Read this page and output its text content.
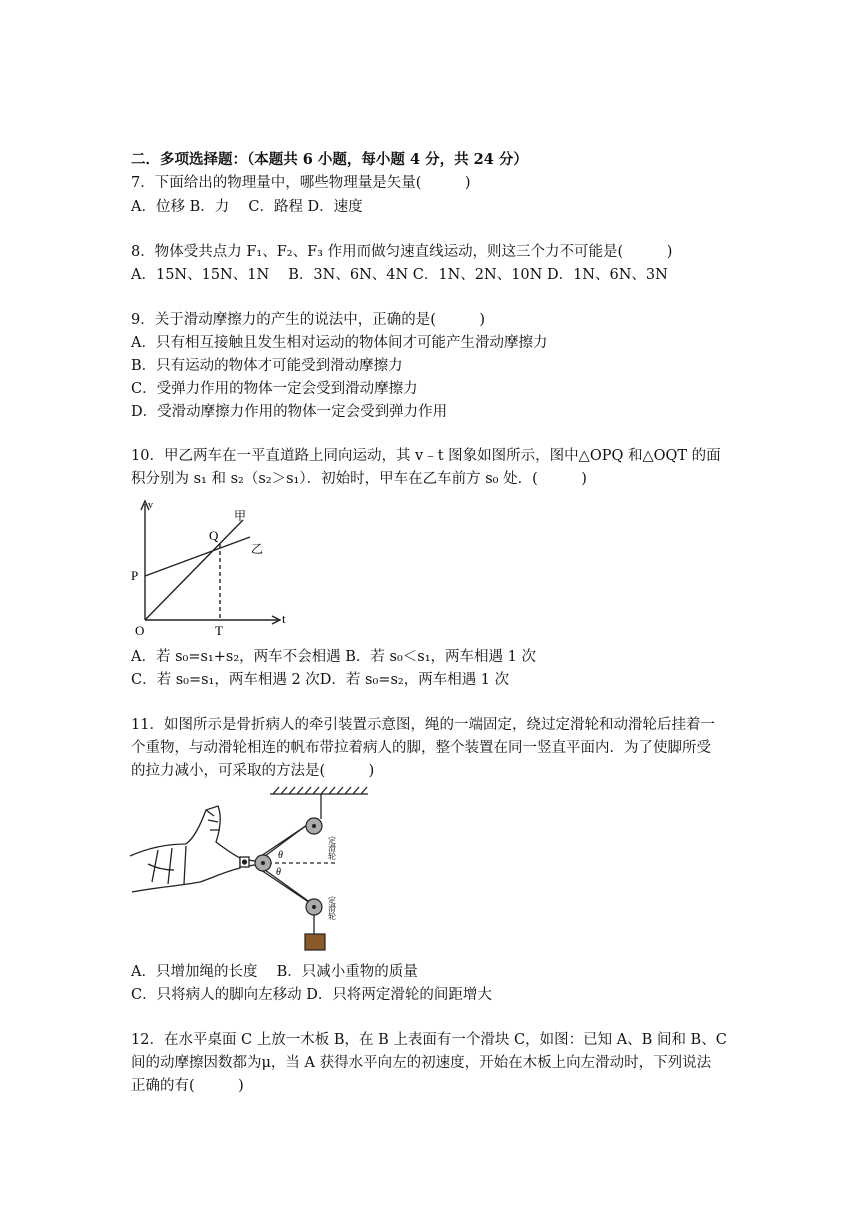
二．多项选择题：（本题共 6 小题，每小题 4 分，共 24 分）
7．下面给出的物理量中，哪些物理量是矢量(　　　)
A．位移 B．力　 C．路程 D．速度
8．物体受共点力 F₁、F₂、F₃ 作用而做匀速直线运动，则这三个力不可能是(　　　)
A．15N、15N、1N　 B．3N、6N、4N C．1N、2N、10N D．1N、6N、3N
9．关于滑动摩擦力的产生的说法中，正确的是(　　　)
A．只有相互接触且发生相对运动的物体间才可能产生滑动摩擦力
B．只有运动的物体才可能受到滑动摩擦力
C．受弹力作用的物体一定会受到滑动摩擦力
D．受滑动摩擦力作用的物体一定会受到弹力作用
10．甲乙两车在一平直道路上同向运动，其 v﹣t 图象如图所示，图中△OPQ 和△OQT 的面
积分别为 s₁ 和 s₂（s₂＞s₁）．初始时，甲车在乙车前方 s₀ 处．(　　　)
v
t
O
P
Q
T
甲
乙
A．若 s₀=s₁+s₂，两车不会相遇 B．若 s₀＜s₁，两车相遇 1 次
C．若 s₀=s₁，两车相遇 2 次D．若 s₀=s₂，两车相遇 1 次
11．如图所示是骨折病人的牵引装置示意图，绳的一端固定，绕过定滑轮和动滑轮后挂着一
个重物，与动滑轮相连的帆布带拉着病人的脚，整个装置在同一竖直平面内．为了使脚所受
的拉力减小，可采取的方法是(　　　)
定滑轮
定滑轮
θ
θ
A．只增加绳的长度　 B．只减小重物的质量
C．只将病人的脚向左移动 D．只将两定滑轮的间距增大
12．在水平桌面 C 上放一木板 B，在 B 上表面有一个滑块 C，如图：已知 A、B 间和 B、C
间的动摩擦因数都为μ，当 A 获得水平向左的初速度，开始在木板上向左滑动时，下列说法
正确的有(　　　)
